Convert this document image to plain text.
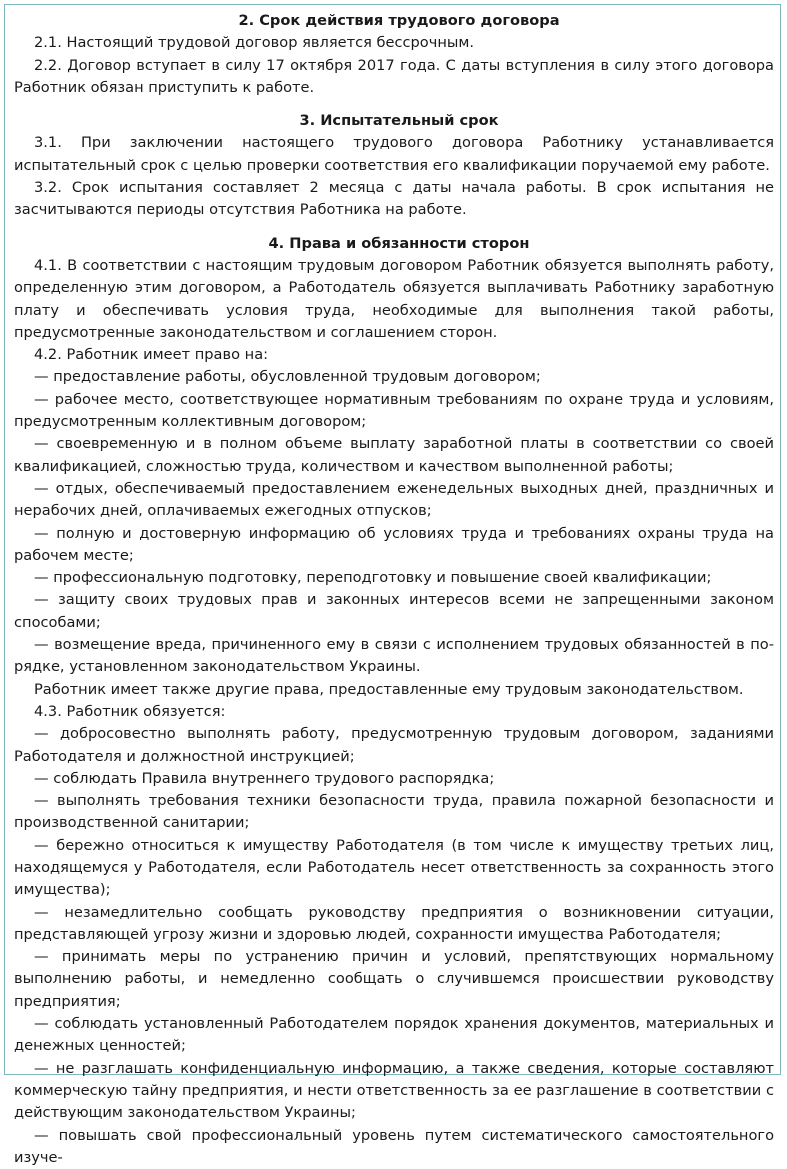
2. Срок действия трудового договора

2.1. Настоящий трудовой договор является бессрочным.

2.2. Договор вступает в силу 17 октября 2017 года. С даты вступления в силу этого договора Работник обязан приступить к работе.

3. Испытательный срок

3.1. При заключении настоящего трудового договора Работнику устанавливается испытательный срок с целью проверки соответствия его квалификации поручаемой ему работе.

3.2. Срок испытания составляет 2 месяца с даты начала работы. В срок испытания не засчитываются периоды отсутствия Работника на работе.

4. Права и обязанности сторон

4.1. В соответствии с настоящим трудовым договором Работник обязуется выполнять работу, определенную этим договором, а Работодатель обязуется выплачивать Работнику заработную плату и обеспечивать условия труда, необходимые для выполнения такой работы, предусмотренные законодательством и соглашением сторон.

4.2. Работник имеет право на:

— предоставление работы, обусловленной трудовым договором;

— рабочее место, соответствующее нормативным требованиям по охране труда и условиям, предусмотренным коллективным договором;

— своевременную и в полном объеме выплату заработной платы в соответствии со своей квалификацией, сложностью труда, количеством и качеством выполненной работы;

— отдых, обеспечиваемый предоставлением еженедельных выходных дней, праздничных и нерабочих дней, оплачиваемых ежегодных отпусков;

— полную и достоверную информацию об условиях труда и требованиях охраны труда на рабочем месте;

— профессиональную подготовку, переподготовку и повышение своей квалификации;

— защиту своих трудовых прав и законных интересов всеми не запрещенными законом способами;

— возмещение вреда, причиненного ему в связи с исполнением трудовых обязанностей в порядке, установленном законодательством Украины.

Работник имеет также другие права, предоставленные ему трудовым законодательством.

4.3. Работник обязуется:

— добросовестно выполнять работу, предусмотренную трудовым договором, заданиями Работодателя и должностной инструкцией;

— соблюдать Правила внутреннего трудового распорядка;

— выполнять требования техники безопасности труда, правила пожарной безопасности и производственной санитарии;

— бережно относиться к имуществу Работодателя (в том числе к имуществу третьих лиц, находящемуся у Работодателя, если Работодатель несет ответственность за сохранность этого имущества);

— незамедлительно сообщать руководству предприятия о возникновении ситуации, представляющей угрозу жизни и здоровью людей, сохранности имущества Работодателя;

— принимать меры по устранению причин и условий, препятствующих нормальному выполнению работы, и немедленно сообщать о случившемся происшествии руководству предприятия;

— соблюдать установленный Работодателем порядок хранения документов, материальных и денежных ценностей;

— не разглашать конфиденциальную информацию, а также сведения, которые составляют коммерческую тайну предприятия, и нести ответственность за ее разглашение в соответствии с действующим законодательством Украины;

— повышать свой профессиональный уровень путем систематического самостоятельного изуче-
